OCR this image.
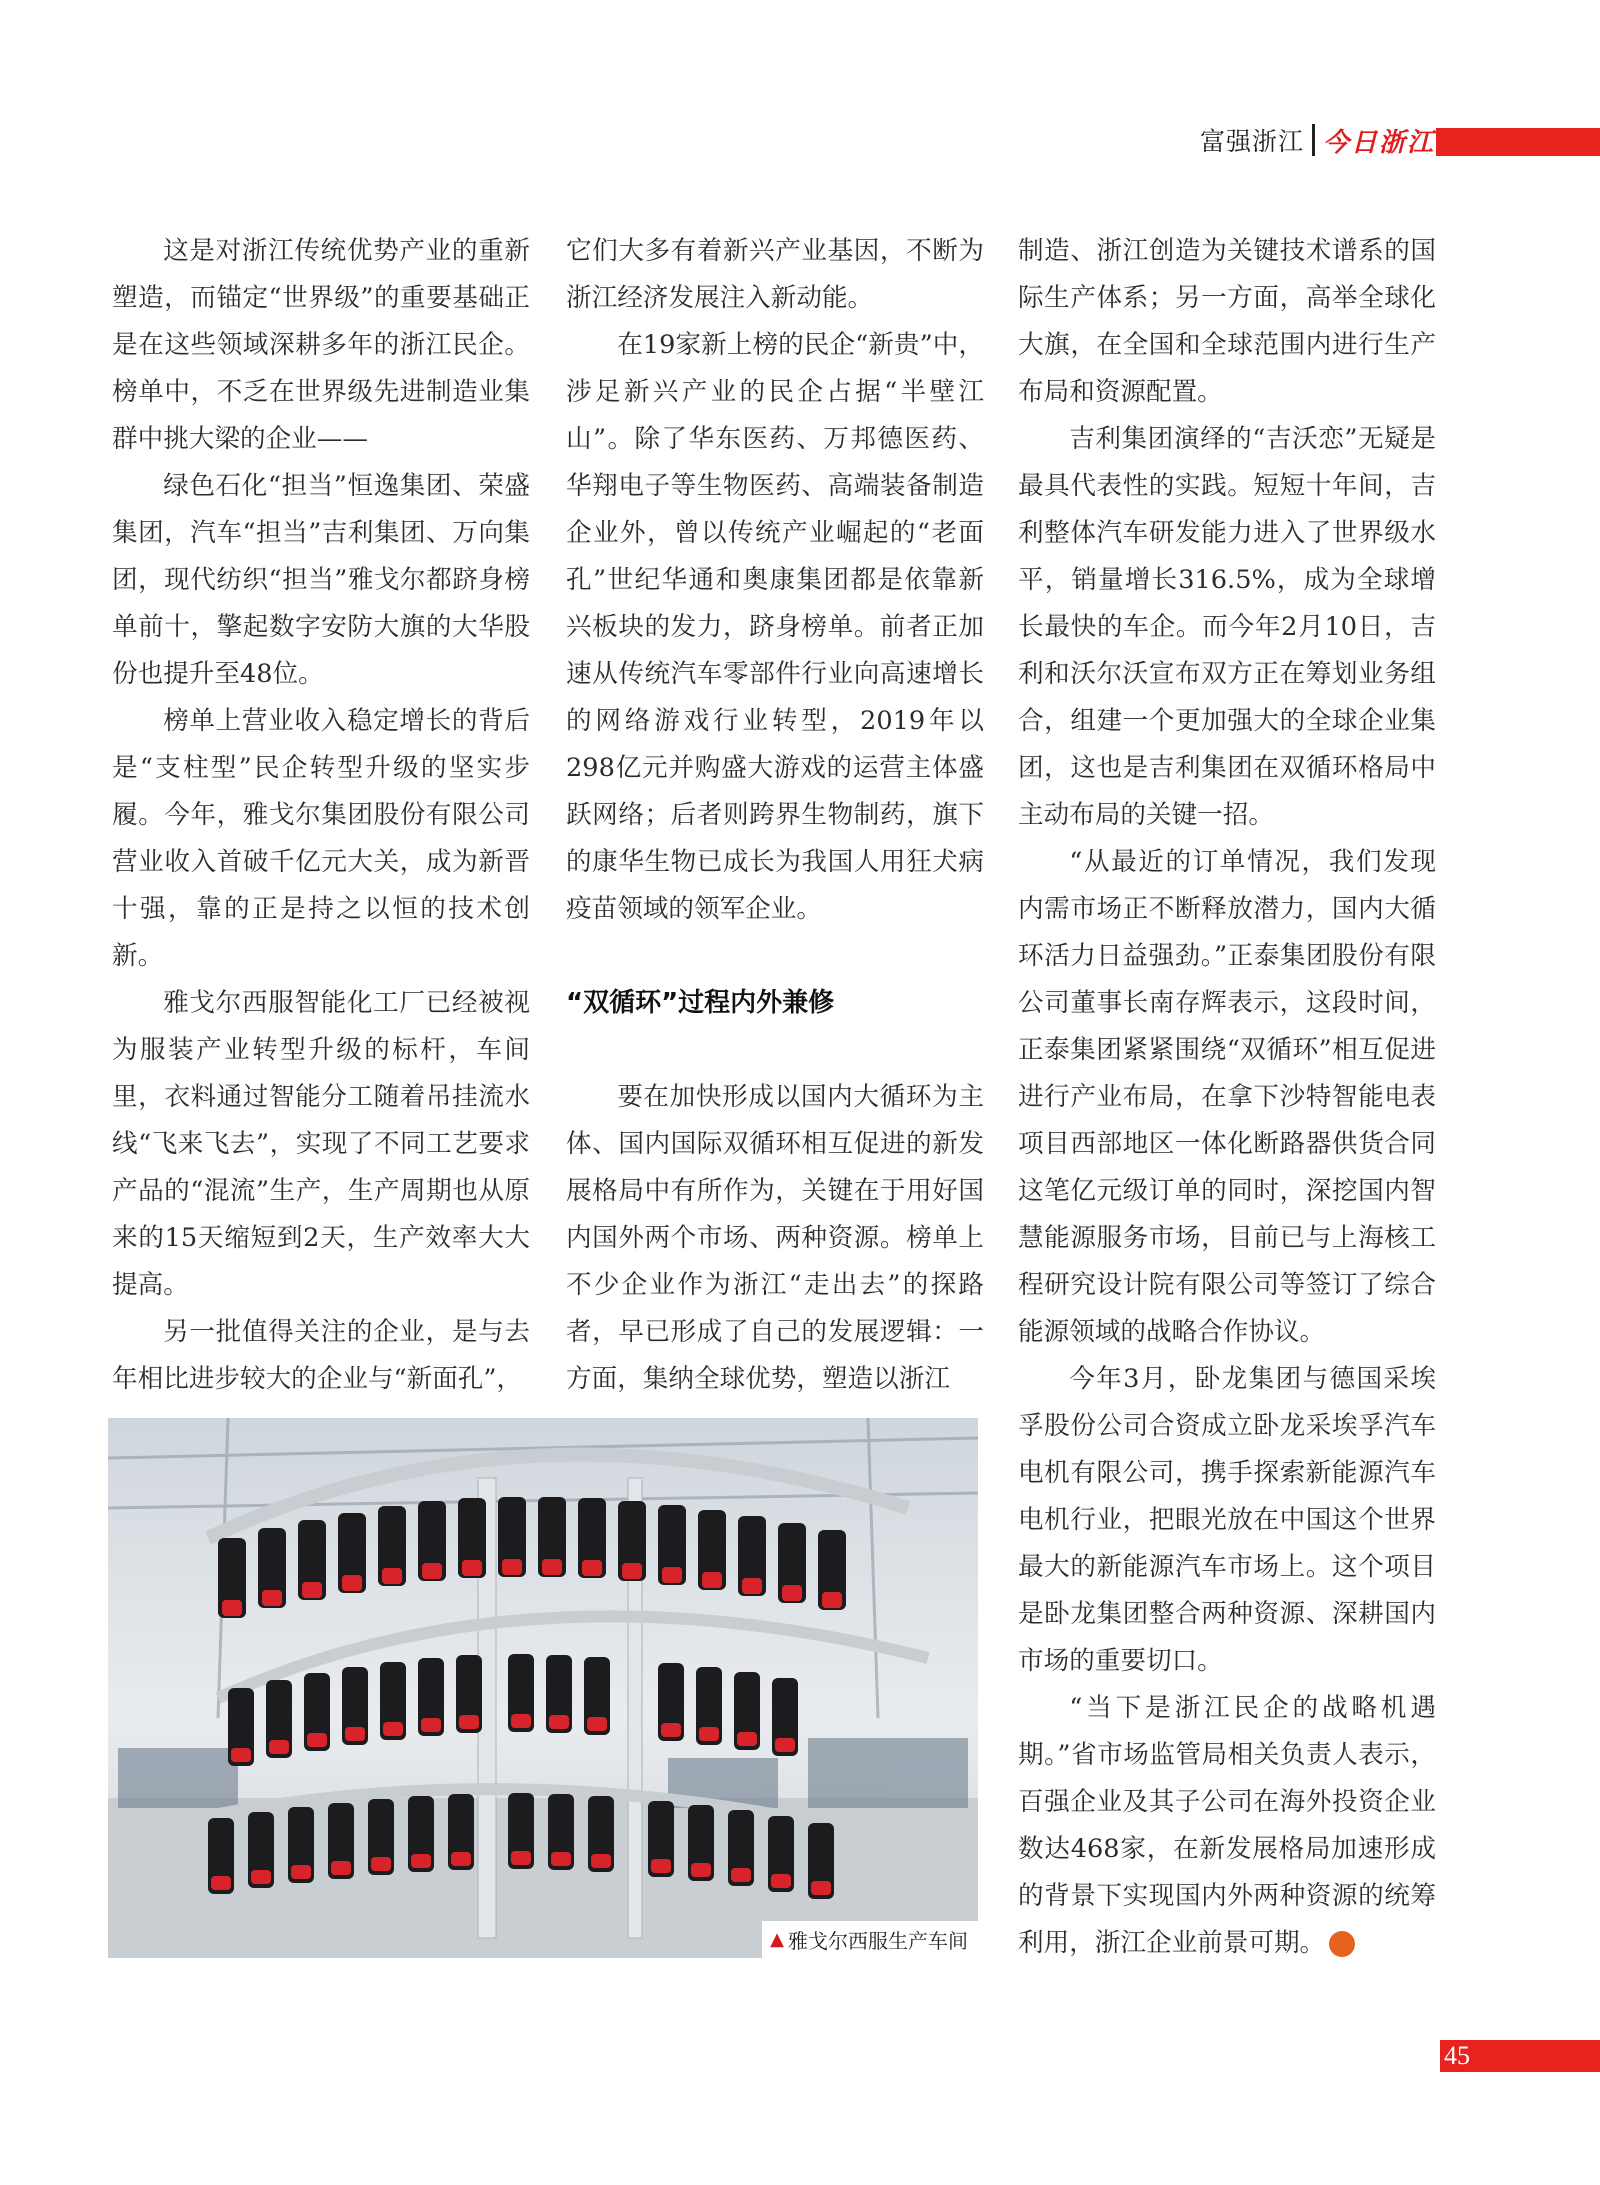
富强浙江 今日浙江

这是对浙江传统优势产业的重新塑造，而锚定“世界级”的重要基础正是在这些领域深耕多年的浙江民企。榜单中，不乏在世界级先进制造业集群中挑大梁的企业——

绿色石化“担当”恒逸集团、荣盛集团，汽车“担当”吉利集团、万向集团，现代纺织“担当”雅戈尔都跻身榜单前十，擎起数字安防大旗的大华股份也提升至48位。

榜单上营业收入稳定增长的背后是“支柱型”民企转型升级的坚实步履。今年，雅戈尔集团股份有限公司营业收入首破千亿元大关，成为新晋十强，靠的正是持之以恒的技术创新。

雅戈尔西服智能化工厂已经被视为服装产业转型升级的标杆，车间里，衣料通过智能分工随着吊挂流水线“飞来飞去”，实现了不同工艺要求产品的“混流”生产，生产周期也从原来的15天缩短到2天，生产效率大大提高。

另一批值得关注的企业，是与去年相比进步较大的企业与“新面孔”，

它们大多有着新兴产业基因，不断为浙江经济发展注入新动能。

在19家新上榜的民企“新贵”中，涉足新兴产业的民企占据“半壁江山”。除了华东医药、万邦德医药、华翔电子等生物医药、高端装备制造企业外，曾以传统产业崛起的“老面孔”世纪华通和奥康集团都是依靠新兴板块的发力，跻身榜单。前者正加速从传统汽车零部件行业向高速增长的网络游戏行业转型，2019年以298亿元并购盛大游戏的运营主体盛跃网络；后者则跨界生物制药，旗下的康华生物已成长为我国人用狂犬病疫苗领域的领军企业。

“双循环”过程内外兼修

要在加快形成以国内大循环为主体、国内国际双循环相互促进的新发展格局中有所作为，关键在于用好国内国外两个市场、两种资源。榜单上不少企业作为浙江“走出去”的探路者，早已形成了自己的发展逻辑：一方面，集纳全球优势，塑造以浙江

制造、浙江创造为关键技术谱系的国际生产体系；另一方面，高举全球化大旗，在全国和全球范围内进行生产布局和资源配置。

吉利集团演绎的“吉沃恋”无疑是最具代表性的实践。短短十年间，吉利整体汽车研发能力进入了世界级水平，销量增长316.5%，成为全球增长最快的车企。而今年2月10日，吉利和沃尔沃宣布双方正在筹划业务组合，组建一个更加强大的全球企业集团，这也是吉利集团在双循环格局中主动布局的关键一招。

“从最近的订单情况，我们发现内需市场正不断释放潜力，国内大循环活力日益强劲。”正泰集团股份有限公司董事长南存辉表示，这段时间，正泰集团紧紧围绕“双循环”相互促进进行产业布局，在拿下沙特智能电表项目西部地区一体化断路器供货合同这笔亿元级订单的同时，深挖国内智慧能源服务市场，目前已与上海核工程研究设计院有限公司等签订了综合能源领域的战略合作协议。

今年3月，卧龙集团与德国采埃孚股份公司合资成立卧龙采埃孚汽车电机有限公司，携手探索新能源汽车电机行业，把眼光放在中国这个世界最大的新能源汽车市场上。这个项目是卧龙集团整合两种资源、深耕国内市场的重要切口。

“当下是浙江民企的战略机遇期。”省市场监管局相关负责人表示，百强企业及其子公司在海外投资企业数达468家，在新发展格局加速形成的背景下实现国内外两种资源的统筹利用，浙江企业前景可期。	今

▲ 雅戈尔西服生产车间
45
